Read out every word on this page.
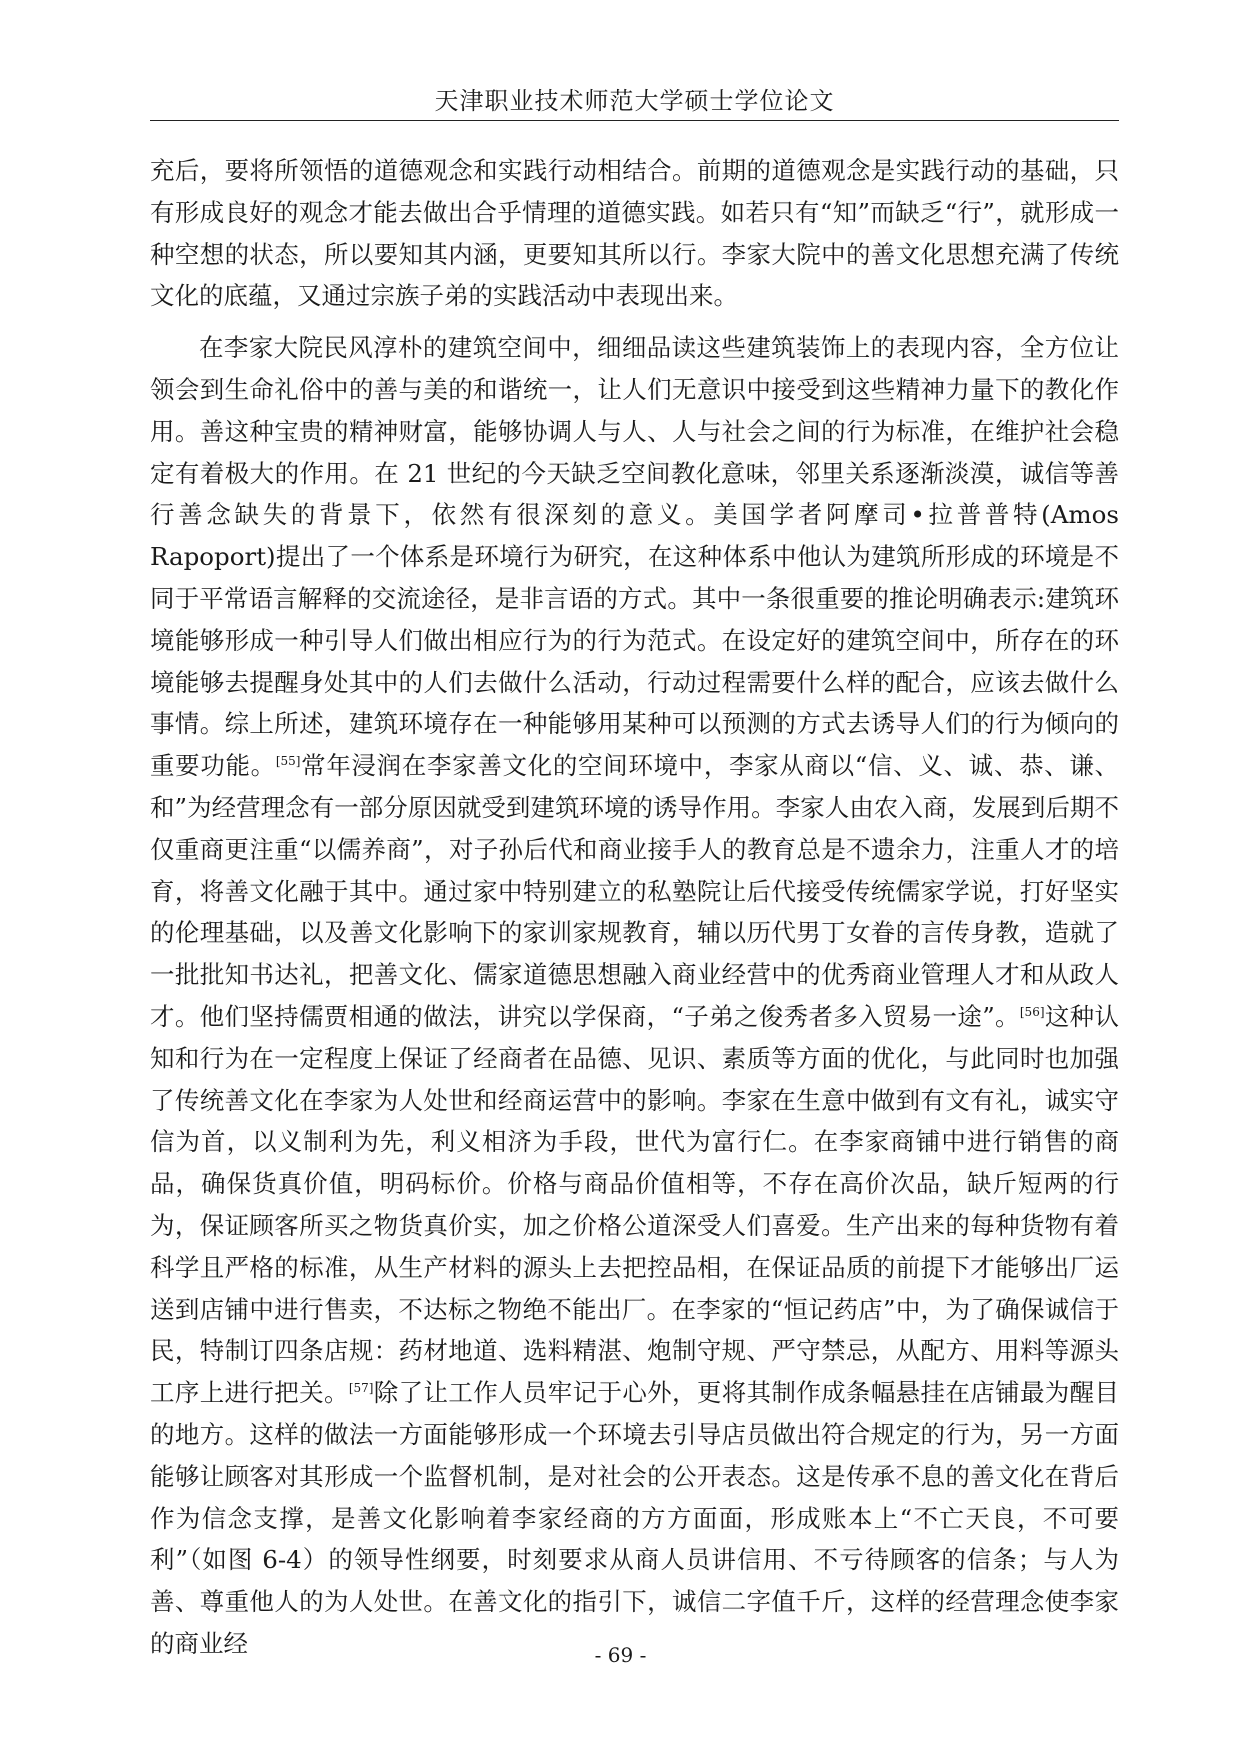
天津职业技术师范大学硕士学位论文

充后，要将所领悟的道德观念和实践行动相结合。前期的道德观念是实践行动的基础，只有形成良好的观念才能去做出合乎情理的道德实践。如若只有“知”而缺乏“行”，就形成一种空想的状态，所以要知其内涵，更要知其所以行。李家大院中的善文化思想充满了传统文化的底蕴，又通过宗族子弟的实践活动中表现出来。

在李家大院民风淳朴的建筑空间中，细细品读这些建筑装饰上的表现内容，全方位让领会到生命礼俗中的善与美的和谐统一，让人们无意识中接受到这些精神力量下的教化作用。善这种宝贵的精神财富，能够协调人与人、人与社会之间的行为标准，在维护社会稳定有着极大的作用。在 21 世纪的今天缺乏空间教化意味，邻里关系逐渐淡漠，诚信等善行善念缺失的背景下，依然有很深刻的意义。美国学者阿摩司•拉普普特(Amos Rapoport)提出了一个体系是环境行为研究，在这种体系中他认为建筑所形成的环境是不同于平常语言解释的交流途径，是非言语的方式。其中一条很重要的推论明确表示:建筑环境能够形成一种引导人们做出相应行为的行为范式。在设定好的建筑空间中，所存在的环境能够去提醒身处其中的人们去做什么活动，行动过程需要什么样的配合，应该去做什么事情。综上所述，建筑环境存在一种能够用某种可以预测的方式去诱导人们的行为倾向的重要功能。[55]常年浸润在李家善文化的空间环境中，李家从商以“信、义、诚、恭、谦、和”为经营理念有一部分原因就受到建筑环境的诱导作用。李家人由农入商，发展到后期不仅重商更注重“以儒养商”，对子孙后代和商业接手人的教育总是不遗余力，注重人才的培育，将善文化融于其中。通过家中特别建立的私塾院让后代接受传统儒家学说，打好坚实的伦理基础，以及善文化影响下的家训家规教育，辅以历代男丁女眷的言传身教，造就了一批批知书达礼，把善文化、儒家道德思想融入商业经营中的优秀商业管理人才和从政人才。他们坚持儒贾相通的做法，讲究以学保商，“子弟之俊秀者多入贸易一途”。[56]这种认知和行为在一定程度上保证了经商者在品德、见识、素质等方面的优化，与此同时也加强了传统善文化在李家为人处世和经商运营中的影响。李家在生意中做到有文有礼，诚实守信为首，以义制利为先，利义相济为手段，世代为富行仁。在李家商铺中进行销售的商品，确保货真价值，明码标价。价格与商品价值相等，不存在高价次品，缺斤短两的行为，保证顾客所买之物货真价实，加之价格公道深受人们喜爱。生产出来的每种货物有着科学且严格的标准，从生产材料的源头上去把控品相，在保证品质的前提下才能够出厂运送到店铺中进行售卖，不达标之物绝不能出厂。在李家的“恒记药店”中，为了确保诚信于民，特制订四条店规：药材地道、选料精湛、炮制守规、严守禁忌，从配方、用料等源头工序上进行把关。[57]除了让工作人员牢记于心外，更将其制作成条幅悬挂在店铺最为醒目的地方。这样的做法一方面能够形成一个环境去引导店员做出符合规定的行为，另一方面能够让顾客对其形成一个监督机制，是对社会的公开表态。这是传承不息的善文化在背后作为信念支撑，是善文化影响着李家经商的方方面面，形成账本上“不亡天良，不可要利”（如图 6-4）的领导性纲要，时刻要求从商人员讲信用、不亏待顾客的信条；与人为善、尊重他人的为人处世。在善文化的指引下，诚信二字值千斤，这样的经营理念使李家的商业经	- 69 -
